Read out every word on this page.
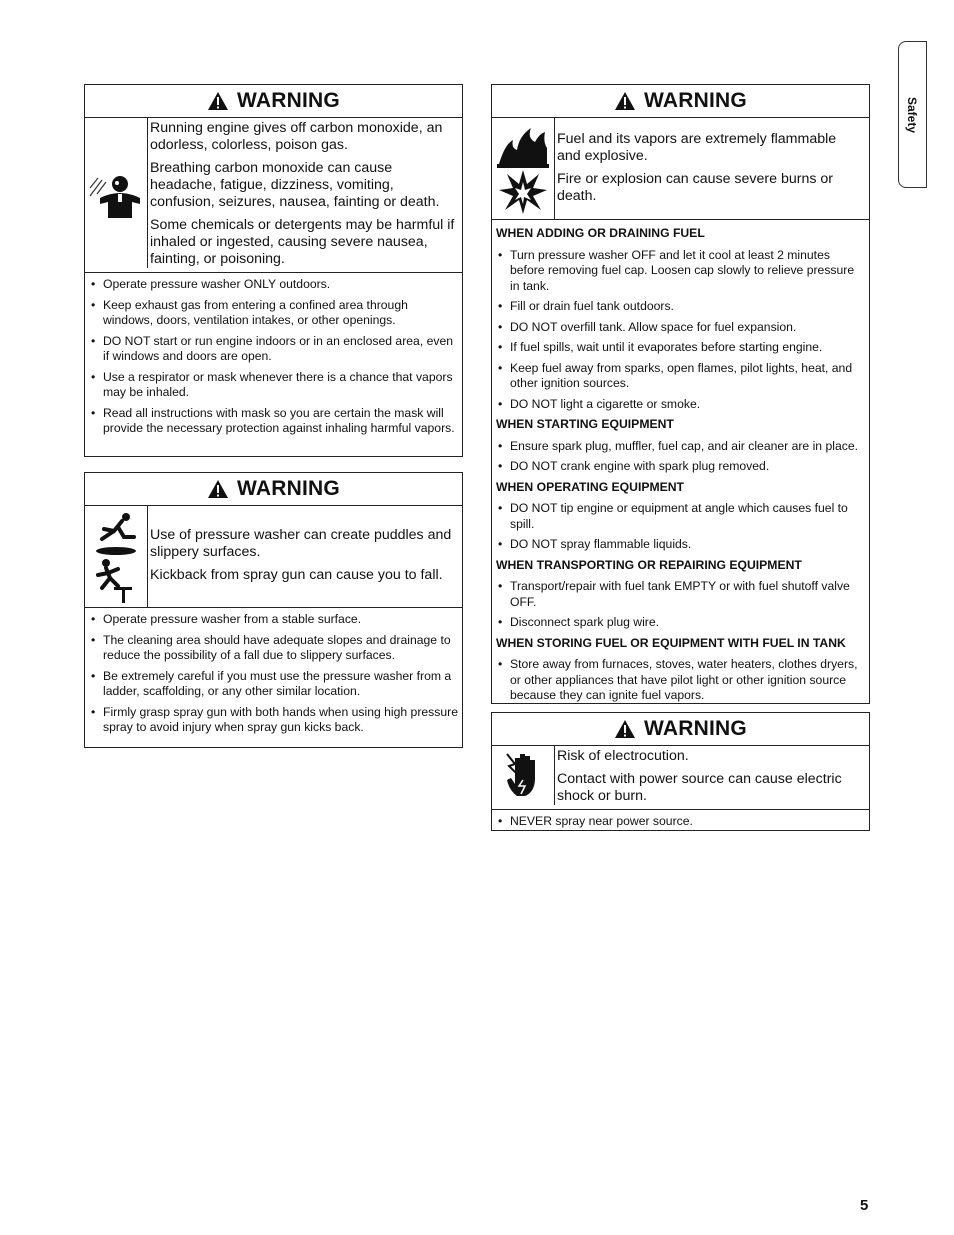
Safety
WARNING

Running engine gives off carbon monoxide, an odorless, colorless, poison gas.

Breathing carbon monoxide can cause headache, fatigue, dizziness, vomiting, confusion, seizures, nausea, fainting or death.

Some chemicals or detergents may be harmful if inhaled or ingested, causing severe nausea, fainting, or poisoning.

• Operate pressure washer ONLY outdoors.
• Keep exhaust gas from entering a confined area through windows, doors, ventilation intakes, or other openings.
• DO NOT start or run engine indoors or in an enclosed area, even if windows and doors are open.
• Use a respirator or mask whenever there is a chance that vapors may be inhaled.
• Read all instructions with mask so you are certain the mask will provide the necessary protection against inhaling harmful vapors.
WARNING

Use of pressure washer can create puddles and slippery surfaces.

Kickback from spray gun can cause you to fall.

• Operate pressure washer from a stable surface.
• The cleaning area should have adequate slopes and drainage to reduce the possibility of a fall due to slippery surfaces.
• Be extremely careful if you must use the pressure washer from a ladder, scaffolding, or any other similar location.
• Firmly grasp spray gun with both hands when using high pressure spray to avoid injury when spray gun kicks back.
WARNING

Fuel and its vapors are extremely flammable and explosive.

Fire or explosion can cause severe burns or death.

WHEN ADDING OR DRAINING FUEL
• Turn pressure washer OFF and let it cool at least 2 minutes before removing fuel cap. Loosen cap slowly to relieve pressure in tank.
• Fill or drain fuel tank outdoors.
• DO NOT overfill tank. Allow space for fuel expansion.
• If fuel spills, wait until it evaporates before starting engine.
• Keep fuel away from sparks, open flames, pilot lights, heat, and other ignition sources.
• DO NOT light a cigarette or smoke.
WHEN STARTING EQUIPMENT
• Ensure spark plug, muffler, fuel cap, and air cleaner are in place.
• DO NOT crank engine with spark plug removed.
WHEN OPERATING EQUIPMENT
• DO NOT tip engine or equipment at angle which causes fuel to spill.
• DO NOT spray flammable liquids.
WHEN TRANSPORTING OR REPAIRING EQUIPMENT
• Transport/repair with fuel tank EMPTY or with fuel shutoff valve OFF.
• Disconnect spark plug wire.
WHEN STORING FUEL OR EQUIPMENT WITH FUEL IN TANK
• Store away from furnaces, stoves, water heaters, clothes dryers, or other appliances that have pilot light or other ignition source because they can ignite fuel vapors.
WARNING

Risk of electrocution.

Contact with power source can cause electric shock or burn.

• NEVER spray near power source.
5
